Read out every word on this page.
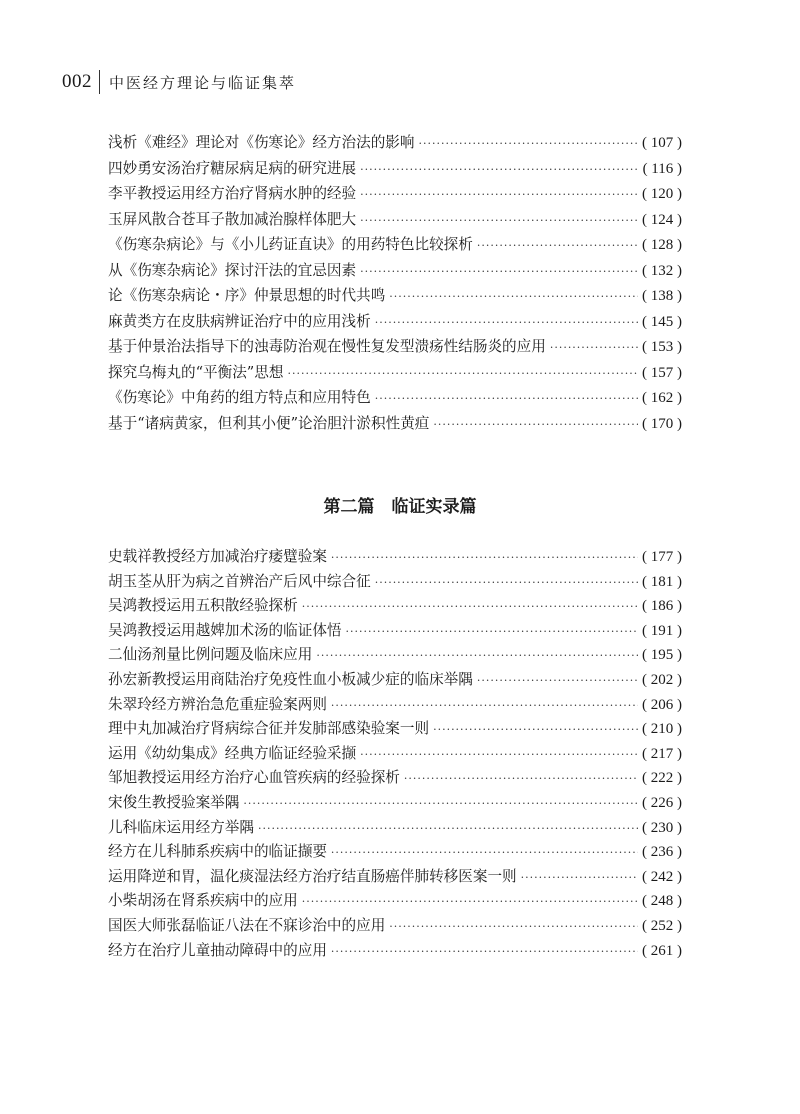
002 中医经方理论与临证集萃
浅析《难经》理论对《伤寒论》经方治法的影响 ·····	( 107 )
四妙勇安汤治疗糖尿病足病的研究进展 ·····	( 116 )
李平教授运用经方治疗肾病水肿的经验 ·····	( 120 )
玉屏风散合苍耳子散加减治腺样体肥大 ·····	( 124 )
《伤寒杂病论》与《小儿药证直诀》的用药特色比较探析 ·····	( 128 )
从《伤寒杂病论》探讨汗法的宜忌因素 ·····	( 132 )
论《伤寒杂病论・序》仲景思想的时代共鸣 ·····	( 138 )
麻黄类方在皮肤病辨证治疗中的应用浅析 ·····	( 145 )
基于仲景治法指导下的浊毒防治观在慢性复发型溃疡性结肠炎的应用 ·····	( 153 )
探究乌梅丸的“平衡法”思想 ·····	( 157 )
《伤寒论》中角药的组方特点和应用特色 ·····	( 162 )
基于“诸病黄家，但利其小便”论治胆汁淤积性黄疸 ·····	( 170 )
第二篇　临证实录篇
史载祥教授经方加减治疗痿躄验案 ·····	( 177 )
胡玉荃从肝为病之首辨治产后风中综合征 ·····	( 181 )
吴鸿教授运用五积散经验探析 ·····	( 186 )
吴鸿教授运用越婢加术汤的临证体悟 ·····	( 191 )
二仙汤剂量比例问题及临床应用 ·····	( 195 )
孙宏新教授运用商陆治疗免疫性血小板减少症的临床举隅 ·····	( 202 )
朱翠玲经方辨治急危重症验案两则 ·····	( 206 )
理中丸加减治疗肾病综合征并发肺部感染验案一则 ·····	( 210 )
运用《幼幼集成》经典方临证经验采撷 ·····	( 217 )
邹旭教授运用经方治疗心血管疾病的经验探析 ·····	( 222 )
宋俊生教授验案举隅 ·····	( 226 )
儿科临床运用经方举隅 ·····	( 230 )
经方在儿科肺系疾病中的临证撷要 ·····	( 236 )
运用降逆和胃，温化痰湿法经方治疗结直肠癌伴肺转移医案一则 ·····	( 242 )
小柴胡汤在肾系疾病中的应用 ·····	( 248 )
国医大师张磊临证八法在不寐诊治中的应用 ·····	( 252 )
经方在治疗儿童抽动障碍中的应用 ·····	( 261 )
